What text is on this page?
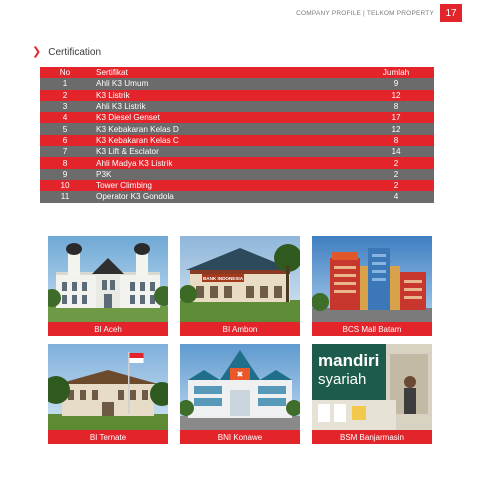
COMPANY PROFILE | TELKOM PROPERTY	17
❯ Certification
No	Sertifikat	Jumlah
1	Ahli K3 Umum	9
2	K3 Listrik	12
3	Ahli K3 Listrik	8
4	K3 Diesel Genset	17
5	K3 Kebakaran Kelas D	12
6	K3 Kebakaran Kelas C	8
7	K3 Lift & Esclator	14
8	Ahli Madya K3 Listrik	2
9	P3K	2
10	Tower Climbing	2
11	Operator K3 Gondola	4
BI Aceh
BANK INDONESIA
BI Ambon	BCS Mall Batam
BI Ternate
✖
BNI Konawe
mandiri
syariah
BSM Banjarmasin
